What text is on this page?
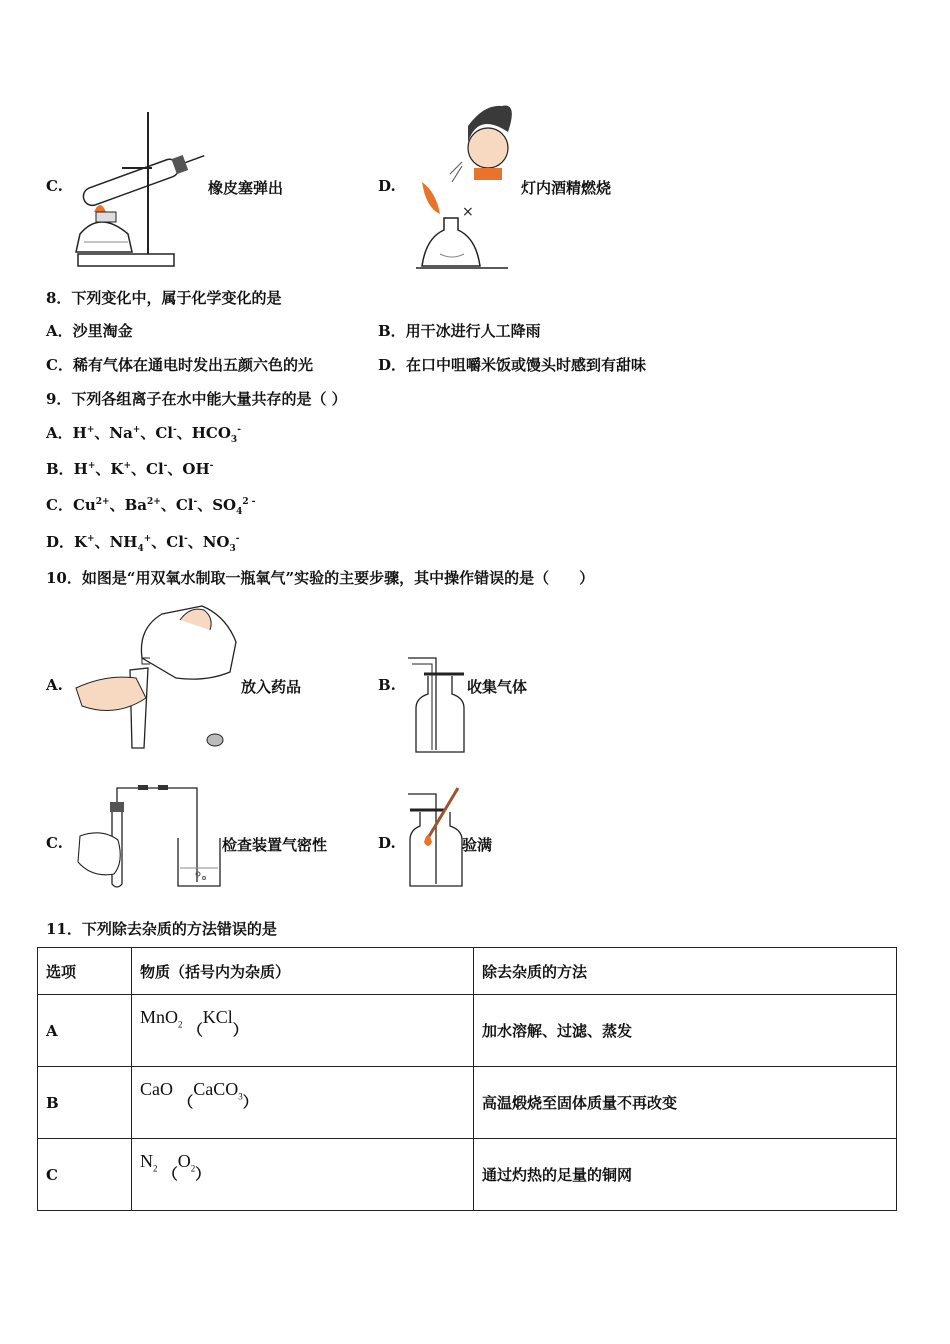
C.	橡皮塞弹出	D.
×
灯内酒精燃烧
8．下列变化中，属于化学变化的是
A．沙里淘金	B．用干冰进行人工降雨
C．稀有气体在通电时发出五颜六色的光	D．在口中咀嚼米饭或馒头时感到有甜味
9．下列各组离子在水中能大量共存的是（ ）
A．H+、Na+、Cl-、$HCO_3^-$
B．H+、K+、Cl-、OH-
C．$Cu^{2+}$、$Ba^{2+}$、Cl-、$SO_4^{2 -}$
D．K+、$NH_4^+$、Cl-、$NO_3^-$
10．如图是“用双氧水制取一瓶氧气”实验的主要步骤，其中操作错误的是（　　）
A.	放入药品	B.	收集气体
C.	检查装置气密性	D.	验满
11．下列除去杂质的方法错误的是
选项	物质（括号内为杂质）	除去杂质的方法
A	MnO$_2$ （KCl）	加水溶解、过滤、蒸发
B	CaO （CaCO$_3$）	高温煅烧至固体质量不再改变
C	$N_2$ $(O_2)$	通过灼热的足量的铜网
